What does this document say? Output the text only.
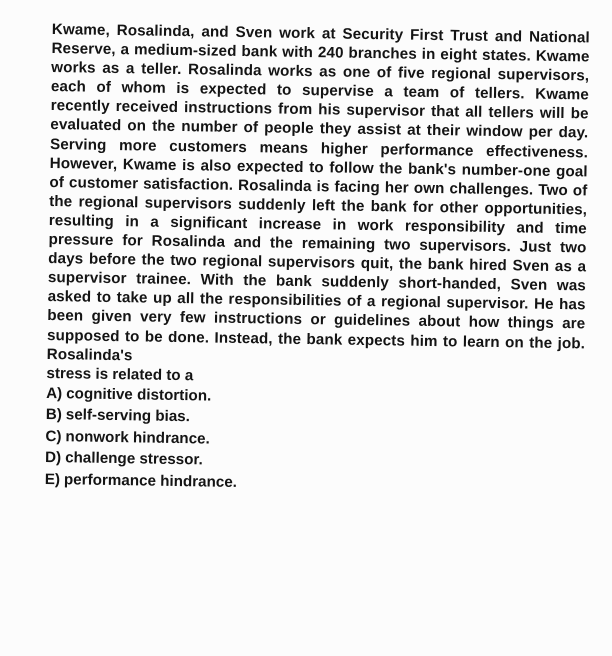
Kwame, Rosalinda, and Sven work at Security First Trust and National Reserve, a medium-sized bank with 240 branches in eight states. Kwame works as a teller. Rosalinda works as one of five regional supervisors, each of whom is expected to supervise a team of tellers. Kwame recently received instructions from his supervisor that all tellers will be evaluated on the number of people they assist at their window per day. Serving more customers means higher performance effectiveness. However, Kwame is also expected to follow the bank's number-one goal of customer satisfaction. Rosalinda is facing her own challenges. Two of the regional supervisors suddenly left the bank for other opportunities, resulting in a significant increase in work responsibility and time pressure for Rosalinda and the remaining two supervisors. Just two days before the two regional supervisors quit, the bank hired Sven as a supervisor trainee. With the bank suddenly short-handed, Sven was asked to take up all the responsibilities of a regional supervisor. He has been given very few instructions or guidelines about how things are supposed to be done. Instead, the bank expects him to learn on the job. Rosalinda's

stress is related to a

A) cognitive distortion.
B) self-serving bias.
C) nonwork hindrance.
D) challenge stressor.
E) performance hindrance.
